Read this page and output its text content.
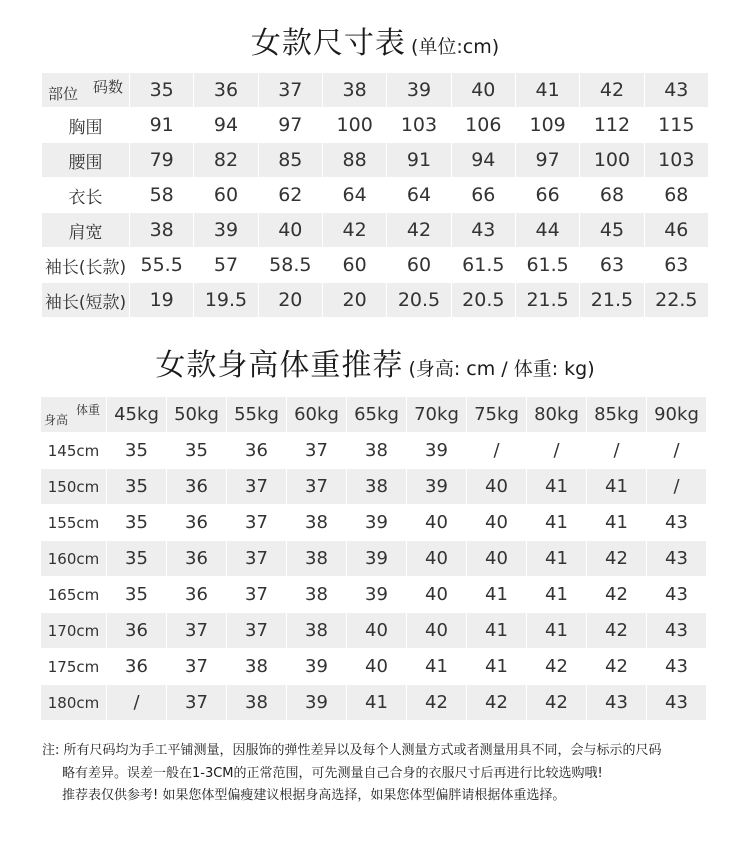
女款尺寸表 (单位:cm)
码数
部位	35	36	37	38	39	40	41	42	43
胸围	91	94	97	100	103	106	109	112	115
腰围	79	82	85	88	91	94	97	100	103
衣长	58	60	62	64	64	66	66	68	68
肩宽	38	39	40	42	42	43	44	45	46
袖长(长款)	55.5	57	58.5	60	60	61.5	61.5	63	63
袖长(短款)	19	19.5	20	20	20.5	20.5	21.5	21.5	22.5
女款身高体重推荐 (身高: cm / 体重: kg)
体重
身高	45kg	50kg	55kg	60kg	65kg	70kg	75kg	80kg	85kg	90kg
145cm	35	35	36	37	38	39	/	/	/	/
150cm	35	36	37	37	38	39	40	41	41	/
155cm	35	36	37	38	39	40	40	41	41	43
160cm	35	36	37	38	39	40	40	41	42	43
165cm	35	36	37	38	39	40	41	41	42	43
170cm	36	37	37	38	40	40	41	41	42	43
175cm	36	37	38	39	40	41	41	42	42	43
180cm	/	37	38	39	41	42	42	42	43	43
注: 所有尺码均为手工平铺测量，因服饰的弹性差异以及每个人测量方式或者测量用具不同，会与标示的尺码
略有差异。误差一般在1-3CM的正常范围，可先测量自己合身的衣服尺寸后再进行比较选购哦!
推荐表仅供参考! 如果您体型偏瘦建议根据身高选择，如果您体型偏胖请根据体重选择。
